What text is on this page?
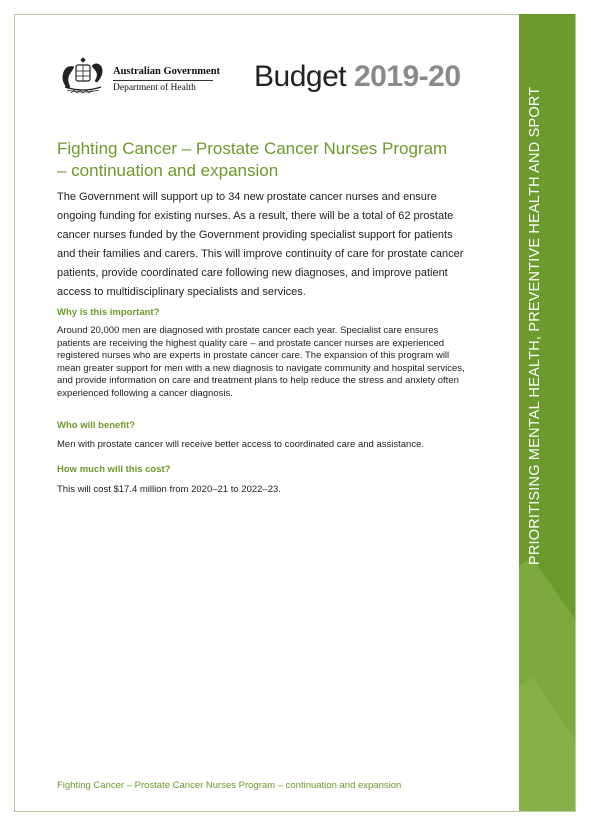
PRIORITISING MENTAL HEALTH, PREVENTIVE HEALTH AND SPORT
Australian Government
Department of Health Budget 2019-20
Fighting Cancer – Prostate Cancer Nurses Program – continuation and expansion
The Government will support up to 34 new prostate cancer nurses and ensure ongoing funding for existing nurses. As a result, there will be a total of 62 prostate cancer nurses funded by the Government providing specialist support for patients and their families and carers. This will improve continuity of care for prostate cancer patients, provide coordinated care following new diagnoses, and improve patient access to multidisciplinary specialists and services.
Why is this important?
Around 20,000 men are diagnosed with prostate cancer each year. Specialist care ensures patients are receiving the highest quality care – and prostate cancer nurses are experienced registered nurses who are experts in prostate cancer care. The expansion of this program will mean greater support for men with a new diagnosis to navigate community and hospital services, and provide information on care and treatment plans to help reduce the stress and anxiety often experienced following a cancer diagnosis.
Who will benefit?
Men with prostate cancer will receive better access to coordinated care and assistance.
How much will this cost?
This will cost $17.4 million from 2020–21 to 2022–23.
Fighting Cancer – Prostate Cancer Nurses Program – continuation and expansion
